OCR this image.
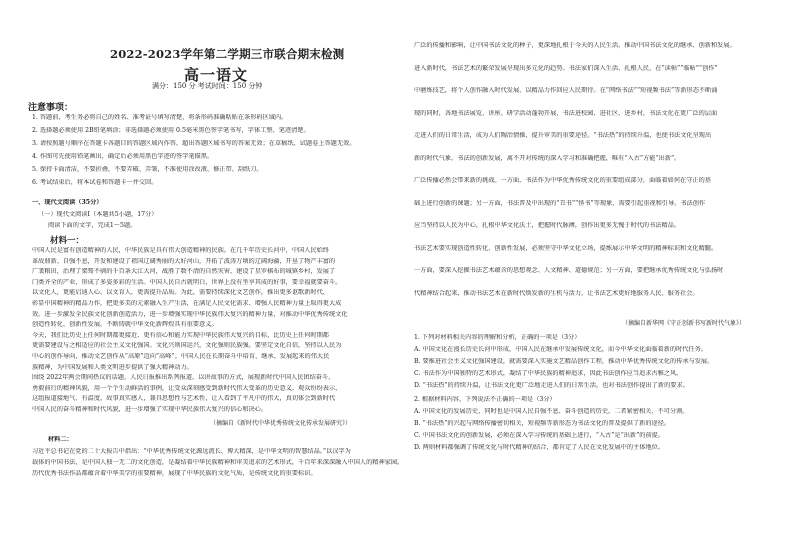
2022-2023学年第二学期三市联合期末检测
高一语文
满分：150 分 考试时间：150 分钟
注意事项：
1. 答题前，考生务必将自己的姓名、准考证号填写清楚，将条形码准确粘贴在条形码区域内。
2. 选择题必须使用 2B铅笔填涂；非选择题必须使用 0.5毫米黑色签字笔书写，字体工整、笔迹清楚。
3. 请按照题号顺序在答题卡各题目的答题区域内作答，超出答题区域书写的答案无效；在草稿纸、试题卷上答题无效。
4. 作图可先使用铅笔画出，确定后必须用黑色字迹的签字笔描黑。
5. 保持卡面清洁，不要折叠，不要弄破、弄皱，不准使用涂改液、修正带、刮纸刀。
6. 考试结束后，将本试卷和答题卡一并交回。
一、现代文阅读（35分）
（一）现代文阅读Ⅰ（本题共5小题，17分）
阅读下面的文字，完成1～5题。
材料一：
中国人民是富有创造精神的人民，中华民族是具有伟大创造精神的民族。在几千年历史长河中，中国人民始终
革故鼎新、自强不息，开发和建设了祖国辽阔秀丽的大好河山，开拓了波涛万顷的辽阔海疆，开垦了物产丰富的
广袤粮田，治理了桀骜不驯的千百条大江大河，战胜了数不清的自然灾害，建设了星罗棋布的城镇乡村，发展了
门类齐全的产业，形成了多姿多彩的生活。中国人民自古就明白，世界上没有坐享其成的好事，要幸福就要奋斗。
以文化人，更能启迪人心。以文育人，更需提升品质。为此，需要持续深化文艺创作，推出更多讴歌新时代、
彰显中国精神的精品力作，把更多美的元素融入生产生活，在满足人民文化需求、增强人民精神力量上取得更大成
效。进一步激发全民族文化创新创造活力，进一步增强实现中华民族伟大复兴的精神力量，对推动中华优秀传统文化
创造性转化、创新性发展，不断铸就中华文化新辉煌具有重要意义。
今天，我们比历史上任何时期都更接近、更有信心和能力实现中华民族伟大复兴的目标，比历史上任何时期都
更需要建设与之相适应的社会主义文化强国。文化兴则国运兴，文化强则民族强。要坚定文化自信，坚持以人民为
中心的创作导向，推动文艺创作从“高原”迈向“高峰”。中国人民在长期奋斗中培育、继承、发展起来的伟大民
族精神，为中国发展和人类文明进步提供了强大精神动力。
围绕 2022年两会期间热议的话题，人民日报推出系列报道，以讲故事的方式，展现新时代中国人民团结奋斗、
勇毅前行的精神风貌，用一个个生动鲜活的事例，让受众深刻感受到新时代伟大变革的历史意义。观众纷纷表示，
这组报道接地气、有温度，故事真实感人，兼具思想性与艺术性，让人看到了平凡中的伟大，真切体会到新时代
中国人民的奋斗精神和时代风貌，进一步增强了实现中华民族伟大复兴的信心和决心。
（摘编自《新时代中华优秀传统文化传承发展研究》）
材料二：
习近平总书记在党的二十大报告中指出：“中华优秀传统文化源远流长、博大精深，是中华文明的智慧结晶。”以汉字为
载体的中国书法，是中国人独一无二的文化创造，是凝结着中华民族精神和审美追求的艺术形式，千百年来深深融入中国人的精神家园。
历代优秀书法作品都蕴含着中华美学的重要精神，展现了中华民族的文化气质，是传统文化的重要标识。
广泛的传播和影响，让中国书法文化的种子，更深地扎根于今天的人民生活，推动中国书法文化的继承、创新和发展。
进入新时代，书法艺术的繁荣发展呈现出多元化的趋势。书法家们深入生活、扎根人民，在“读帖”“临帖”“创作”
中磨炼技艺，将个人创作融入时代发展，以精品力作回应人民期待。在“网络书法”“短视频书法”等新形态不断涌
现的同时，各地书法展览、讲座、研学活动蓬勃开展，书法进校园、进社区、进乡村，书法文化在更广泛的层面
走进人们的日常生活，成为人们陶冶情操、提升审美的重要途径。“书法热”的持续升温，也使书法文化呈现出
新的时代气象。书法的创新发展，离不开对传统的深入学习和准确把握，唯有“入古”方能“出新”。
广泛传播必然会带来新的挑战。一方面，书法作为中华优秀传统文化的重要组成部分，面临着如何在守正的基
础上进行创新的课题；另一方面，书法普及中出现的“丑书”“怪书”等现象，需要引起重视和引导。书法创作
应当坚持以人民为中心，扎根中华文化沃土，把握时代脉搏，创作出更多无愧于时代的书法精品。
书法艺术要实现创造性转化、创新性发展，必须坚守中华文化立场，提炼展示中华文明的精神标识和文化精髓。
一方面，要深入挖掘书法艺术蕴含的思想观念、人文精神、道德规范；另一方面，要把继承优秀传统文化与弘扬时
代精神结合起来，推动书法艺术在新时代焕发新的生机与活力，让书法艺术更好地服务人民、服务社会。
（摘编自新华网《守正创新书写新时代气象》）
1. 下列对材料相关内容的理解和分析，正确的一项是（3分）
A. 中国文化在漫长历史长河中形成，中国人民在继承中发展传统文化，而今中华文化面临着新的时代任务。
B. 要推进社会主义文化强国建设，就需要深入实施文艺精品创作工程，推动中华优秀传统文化的传承与发展。
C. 书法作为中国独特的艺术形式，凝结了中华民族的精神追求，因此书法创作应当追求古雅之风。
D. “书法热”的持续升温，让书法文化更广泛地走进人们的日常生活，也对书法创作提出了新的要求。
2. 根据材料内容，下列说法不正确的一项是（3分）
A. 中国文化的发展历史，同时也是中国人民自强不息、奋斗创造的历史，二者紧密相关、不可分割。
B. “书法热”的兴起与网络传播密切相关，短视频等新形态为书法文化的普及提供了新的途径。
C. 中国书法文化的创新发展，必须在深入学习传统的基础上进行，“入古”是“出新”的前提。
D. 两则材料都强调了传统文化与时代精神的结合，都肯定了人民在文化发展中的主体地位。
